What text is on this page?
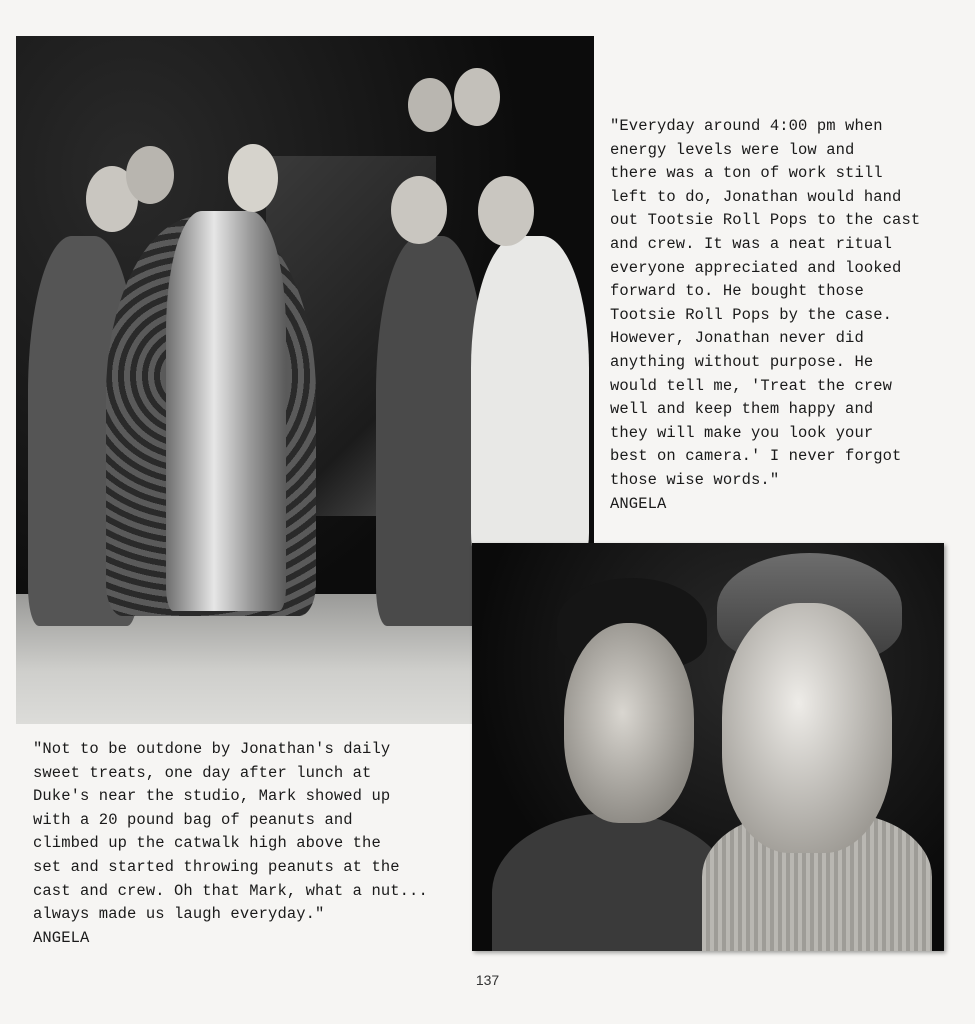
"Everyday around 4:00 pm when
energy levels were low and
there was a ton of work still
left to do, Jonathan would hand
out Tootsie Roll Pops to the cast
and crew. It was a neat ritual
everyone appreciated and looked
forward to. He bought those
Tootsie Roll Pops by the case.
However, Jonathan never did
anything without purpose. He
would tell me, 'Treat the crew
well and keep them happy and
they will make you look your
best on camera.' I never forgot
those wise words."

ANGELA
"Not to be outdone by Jonathan's daily
sweet treats, one day after lunch at
Duke's near the studio, Mark showed up
with a 20 pound bag of peanuts and
climbed up the catwalk high above the
set and started throwing peanuts at the
cast and crew. Oh that Mark, what a nut...
always made us laugh everyday."

ANGELA
137
